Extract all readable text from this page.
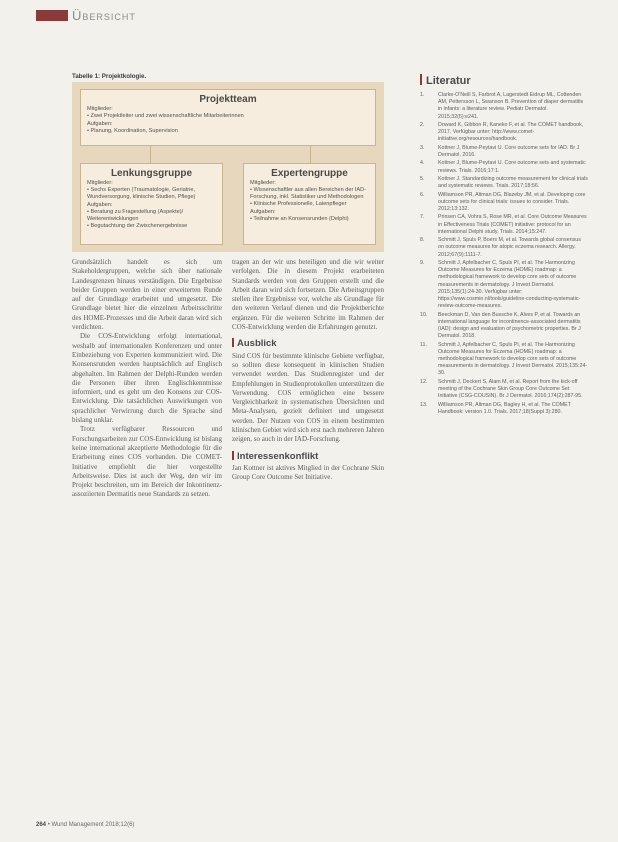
Übersicht
Tabelle 1: Projektkologie.
Projektteam
Mitglieder:
• Zwei Projektleiter und zwei wissenschaftliche Mitarbeiterinnen
Aufgaben:
• Planung, Koordination, Supervision
Lenkungsgruppe
Mitglieder:
• Sechs Experten (Traumatologie, Geriatrie, Wundversorgung, klinische Studien, Pflege)
Aufgaben:
• Beratung zu Fragestellung (Aspekte)/ Weiterentwicklungen
• Begutachtung der Zwischenergebnisse
Expertengruppe
Mitglieder:
• Wissenschaftler aus allen Bereichen der IAD-Forschung, inkl. Statistiker und Methodologen
• Klinische Professionelle, Laienpfleger
Aufgaben:
• Teilnahme an Konsensrunden (Delphi)

Grundsätzlich handelt es sich um Stakeholdergruppen, welche sich über nationale Landesgrenzen hinaus verständigen. Die Ergebnisse beider Gruppen werden in einer erweiterten Runde auf der Grundlage erarbeitet und umgesetzt. Die Grundlage bietet hier die einzelnen Arbeitsschritte des HOME-Prozesses und die Arbeit daran wird sich verdichten.

Die COS-Entwicklung erfolgt international, weshalb auf internationalen Konferenzen und unter Einbeziehung von Experten kommuniziert wird. Die Konsensrunden werden hauptsächlich auf Englisch abgehalten. Im Rahmen der Delphi-Runden werden die Personen über ihren Englischkenntnisse informiert, und es geht um den Konsens zur COS-Entwicklung. Die tatsächlichen Auswirkungen von sprachlicher Verwirrung durch die Sprache sind bislang unklar.

Trotz verfügbarer Ressourcen und Forschungsarbeiten zur COS-Entwicklung ist bislang keine international akzeptierte Methodologie für die Erarbeitung eines COS vorhanden. Die COMET-Initiative empfiehlt die hier vorgestellte Arbeitsweise. Dies ist auch der Weg, den wir im Projekt beschreiten, um im Bereich der Inkontinenz-assoziierten Dermatitis neue Standards zu setzen.

tragen an der wir uns beteiligen und die wir weiter verfolgen. Die in diesem Projekt erarbeiteten Standards werden von den Gruppen erstellt und die Arbeit daran wird sich fortsetzen. Die Arbeitsgruppen stellen ihre Ergebnisse vor, welche als Grundlage für den weiteren Verlauf dienen und die Projektberichte ergänzen. Für die weiteren Schritte im Rahmen der COS-Entwicklung werden die Erfahrungen genutzt.

Ausblick

Sind COS für bestimmte klinische Gebiete verfügbar, so sollten diese konsequent in klinischen Studien verwendet werden. Das Studienregister und der Empfehlungen in Studienprotokollen unterstützen die Verwendung. COS ermöglichen eine bessere Vergleichbarkeit in systematischen Übersichten und Meta-Analysen, gezielt definiert und umgesetzt werden. Der Nutzen von COS in einem bestimmten klinischen Gebiet wird sich erst nach mehreren Jahren zeigen, so auch in der IAD-Forschung.

Interessenkonflikt

Jan Kottner ist aktives Mitglied in der Cochrane Skin Group Core Outcome Set Initiative.

Literatur
1.	Clarke-O'Neill S, Farbrot A, Lagerstedt Eidrup ML, Cottenden AM, Pettersson L, Swanson B. Prevention of diaper dermatitis in infants: a literature review. Pediatr Dermatol. 2015;32(6):e241.
2.	Doward K, Gibbon R, Kaneko F, et al. The COMET handbook, 2017. Verfügbar unter: http://www.comet-initiative.org/resources/handbook.
3.	Kottner J, Blume-Peytavi U. Core outcome sets for IAD. Br J Dermatol. 2016.
4.	Kottner J, Blume-Peytavi U. Core outcome sets and systematic reviews. Trials. 2016;17:1.
5.	Kottner J. Standardizing outcome measurement for clinical trials and systematic reviews. Trials. 2017;18:56.
6.	Williamson PR, Altman DG, Blazeby JM, et al. Developing core outcome sets for clinical trials: issues to consider. Trials. 2012;13:132.
7.	Prinsen CA, Vohra S, Rose MR, et al. Core Outcome Measures in Effectiveness Trials (COMET) initiative: protocol for an international Delphi study. Trials. 2014;15:247.
8.	Schmitt J, Spuls P, Boers M, et al. Towards global consensus on outcome measures for atopic eczema research. Allergy. 2012;67(9):1111-7.
9.	Schmitt J, Apfelbacher C, Spuls PI, et al. The Harmonizing Outcome Measures for Eczema (HOME) roadmap: a methodological framework to develop core sets of outcome measurements in dermatology. J Invest Dermatol. 2015;135(1):24-30. Verfügbar unter: https://www.cosmin.nl/tools/guideline-conducting-systematic-review-outcome-measures.
10.	Beeckman D, Van den Bussche K, Alves P, et al. Towards an international language for incontinence-associated dermatitis (IAD): design and evaluation of psychometric properties. Br J Dermatol. 2018.
11.	Schmitt J, Apfelbacher C, Spuls PI, et al. The Harmonizing Outcome Measures for Eczema (HOME) roadmap: a methodological framework to develop core sets of outcome measurements in dermatology. J Invest Dermatol. 2015;135:24-30.
12.	Schmitt J, Deckert S, Alam M, et al. Report from the kick-off meeting of the Cochrane Skin Group Core Outcome Set Initiative (CSG-COUSIN). Br J Dermatol. 2016;174(2):287-95.
13.	Williamson PR, Altman DG, Bagley H, et al. The COMET Handbook: version 1.0. Trials. 2017;18(Suppl 3):280.
264 • Wund Management 2018;12(6)
